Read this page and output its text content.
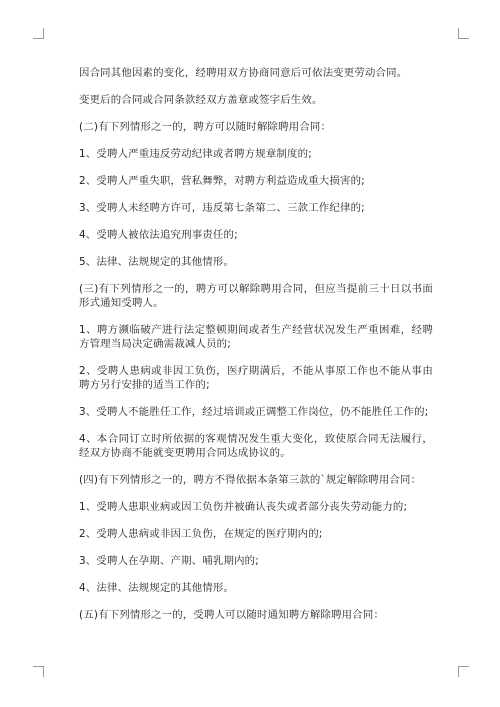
因合同其他因素的变化，经聘用双方协商同意后可依法变更劳动合同。

变更后的合同或合同条款经双方盖章或签字后生效。

(二)有下列情形之一的，聘方可以随时解除聘用合同：

1、受聘人严重违反劳动纪律或者聘方规章制度的;

2、受聘人严重失职，营私舞弊，对聘方利益造成重大损害的;

3、受聘人未经聘方许可，违反第七条第二、三款工作纪律的;

4、受聘人被依法追究刑事责任的;

5、法律、法规规定的其他情形。

(三)有下列情形之一的，聘方可以解除聘用合同，但应当提前三十日以书面形式通知受聘人。

1、聘方濒临破产进行法定整顿期间或者生产经营状况发生严重困难，经聘方管理当局决定确需裁减人员的;

2、受聘人患病或非因工负伤，医疗期满后，不能从事原工作也不能从事由聘方另行安排的适当工作的;

3、受聘人不能胜任工作，经过培训或正调整工作岗位，仍不能胜任工作的;

4、本合同订立时所依据的客观情况发生重大变化，致使原合同无法履行，经双方协商不能就变更聘用合同达成协议的。

(四)有下列情形之一的，聘方不得依据本条第三款的`规定解除聘用合同：

1、受聘人患职业病或因工负伤并被确认丧失或者部分丧失劳动能力的;

2、受聘人患病或非因工负伤，在规定的医疗期内的;

3、受聘人在孕期、产期、哺乳期内的;

4、法律、法规规定的其他情形。

(五)有下列情形之一的，受聘人可以随时通知聘方解除聘用合同：
